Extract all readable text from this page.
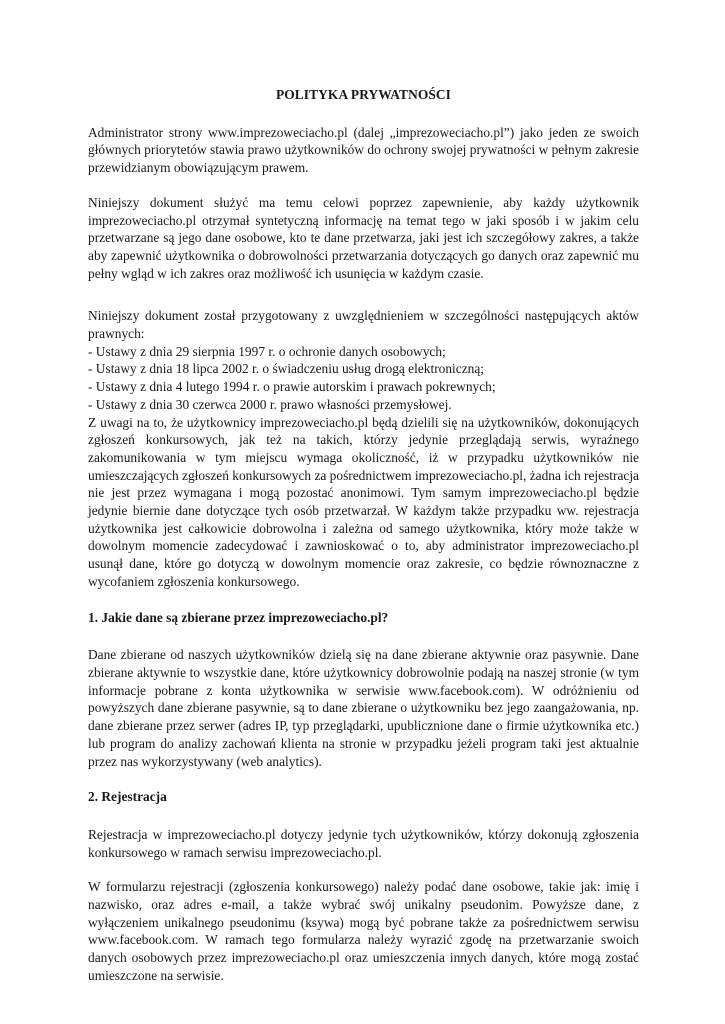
POLITYKA PRYWATNOŚCI

Administrator strony www.imprezoweciacho.pl (dalej „imprezoweciacho.pl”) jako jeden ze swoich głównych priorytetów stawia prawo użytkowników do ochrony swojej prywatności w pełnym zakresie przewidzianym obowiązującym prawem.

Niniejszy dokument służyć ma temu celowi poprzez zapewnienie, aby każdy użytkownik imprezoweciacho.pl otrzymał syntetyczną informację na temat tego w jaki sposób i w jakim celu przetwarzane są jego dane osobowe, kto te dane przetwarza, jaki jest ich szczegółowy zakres, a także aby zapewnić użytkownika o dobrowolności przetwarzania dotyczących go danych oraz zapewnić mu pełny wgląd w ich zakres oraz możliwość ich usunięcia w każdym czasie.

Niniejszy dokument został przygotowany z uwzględnieniem w szczególności następujących aktów prawnych:

- Ustawy z dnia 29 sierpnia 1997 r. o ochronie danych osobowych;
- Ustawy z dnia 18 lipca 2002 r. o świadczeniu usług drogą elektroniczną;
- Ustawy z dnia 4 lutego 1994 r. o prawie autorskim i prawach pokrewnych;
- Ustawy z dnia 30 czerwca 2000 r. prawo własności przemysłowej.

Z uwagi na to, że użytkownicy imprezoweciacho.pl będą dzielili się na użytkowników, dokonujących zgłoszeń konkursowych, jak też na takich, którzy jedynie przeglądają serwis, wyraźnego zakomunikowania w tym miejscu wymaga okoliczność, iż w przypadku użytkowników nie umieszczających zgłoszeń konkursowych za pośrednictwem imprezoweciacho.pl, żadna ich rejestracja nie jest przez wymagana i mogą pozostać anonimowi. Tym samym imprezoweciacho.pl będzie jedynie biernie dane dotyczące tych osób przetwarzał. W każdym także przypadku ww. rejestracja użytkownika jest całkowicie dobrowolna i zależna od samego użytkownika, który może także w dowolnym momencie zadecydować i zawnioskować o to, aby administrator imprezoweciacho.pl usunął dane, które go dotyczą w dowolnym momencie oraz zakresie, co będzie równoznaczne z wycofaniem zgłoszenia konkursowego.

1. Jakie dane są zbierane przez imprezoweciacho.pl?

Dane zbierane od naszych użytkowników dzielą się na dane zbierane aktywnie oraz pasywnie. Dane zbierane aktywnie to wszystkie dane, które użytkownicy dobrowolnie podają na naszej stronie (w tym informacje pobrane z konta użytkownika w serwisie www.facebook.com). W odróżnieniu od powyższych dane zbierane pasywnie, są to dane zbierane o użytkowniku bez jego zaangażowania, np. dane zbierane przez serwer (adres IP, typ przeglądarki, upublicznione dane o firmie użytkownika etc.) lub program do analizy zachowań klienta na stronie w przypadku jeżeli program taki jest aktualnie przez nas wykorzystywany (web analytics).

2. Rejestracja

Rejestracja w imprezoweciacho.pl dotyczy jedynie tych użytkowników, którzy dokonują zgłoszenia konkursowego w ramach serwisu imprezoweciacho.pl.

W formularzu rejestracji (zgłoszenia konkursowego) należy podać dane osobowe, takie jak: imię i nazwisko, oraz adres e-mail, a także wybrać swój unikalny pseudonim. Powyższe dane, z wyłączeniem unikalnego pseudonimu (ksywa) mogą być pobrane także za pośrednictwem serwisu www.facebook.com. W ramach tego formularza należy wyrazić zgodę na przetwarzanie swoich danych osobowych przez imprezoweciacho.pl oraz umieszczenia innych danych, które mogą zostać umieszczone na serwisie.
